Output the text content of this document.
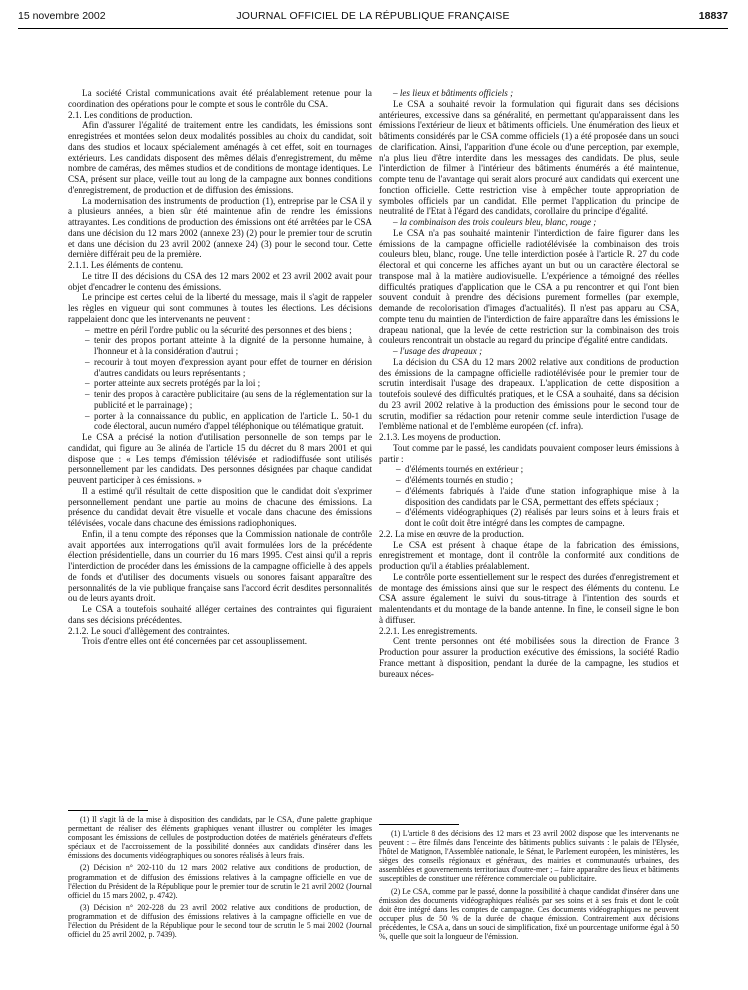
15 novembre 2002	JOURNAL OFFICIEL DE LA RÉPUBLIQUE FRANÇAISE	18837

La société Cristal communications avait été préalablement retenue pour la coordination des opérations pour le compte et sous le contrôle du CSA.

2.1. Les conditions de production.

Afin d'assurer l'égalité de traitement entre les candidats, les émissions sont enregistrées et montées selon deux modalités possibles au choix du candidat, soit dans des studios et locaux spécialement aménagés à cet effet, soit en tournages extérieurs. Les candidats disposent des mêmes délais d'enregistrement, du même nombre de caméras, des mêmes studios et de conditions de montage identiques. Le CSA, présent sur place, veille tout au long de la campagne aux bonnes conditions d'enregistrement, de production et de diffusion des émissions.

La modernisation des instruments de production (1), entreprise par le CSA il y a plusieurs années, a bien sûr été maintenue afin de rendre les émissions attrayantes. Les conditions de production des émissions ont été arrêtées par le CSA dans une décision du 12 mars 2002 (annexe 23) (2) pour le premier tour de scrutin et dans une décision du 23 avril 2002 (annexe 24) (3) pour le second tour. Cette dernière différait peu de la première.

2.1.1. Les éléments de contenu.

Le titre II des décisions du CSA des 12 mars 2002 et 23 avril 2002 avait pour objet d'encadrer le contenu des émissions.

Le principe est certes celui de la liberté du message, mais il s'agit de rappeler les règles en vigueur qui sont communes à toutes les élections. Les décisions rappelaient donc que les intervenants ne peuvent :

– mettre en péril l'ordre public ou la sécurité des personnes et des biens ;
– tenir des propos portant atteinte à la dignité de la personne humaine, à l'honneur et à la considération d'autrui ;
– recourir à tout moyen d'expression ayant pour effet de tourner en dérision d'autres candidats ou leurs représentants ;
– porter atteinte aux secrets protégés par la loi ;
– tenir des propos à caractère publicitaire (au sens de la réglementation sur la publicité et le parrainage) ;
– porter à la connaissance du public, en application de l'article L. 50-1 du code électoral, aucun numéro d'appel téléphonique ou télématique gratuit.

Le CSA a précisé la notion d'utilisation personnelle de son temps par le candidat, qui figure au 3e alinéa de l'article 15 du décret du 8 mars 2001 et qui dispose que : « Les temps d'émission télévisée et radiodiffusée sont utilisés personnellement par les candidats. Des personnes désignées par chaque candidat peuvent participer à ces émissions. »

Il a estimé qu'il résultait de cette disposition que le candidat doit s'exprimer personnellement pendant une partie au moins de chacune des émissions. La présence du candidat devait être visuelle et vocale dans chacune des émissions télévisées, vocale dans chacune des émissions radiophoniques.

Enfin, il a tenu compte des réponses que la Commission nationale de contrôle avait apportées aux interrogations qu'il avait formulées lors de la précédente élection présidentielle, dans un courrier du 16 mars 1995. C'est ainsi qu'il a repris l'interdiction de procéder dans les émissions de la campagne officielle à des appels de fonds et d'utiliser des documents visuels ou sonores faisant apparaître des personnalités de la vie publique française sans l'accord écrit desdites personnalités ou de leurs ayants droit.

Le CSA a toutefois souhaité alléger certaines des contraintes qui figuraient dans ses décisions précédentes.

2.1.2. Le souci d'allègement des contraintes.

Trois d'entre elles ont été concernées par cet assouplissement.

– les lieux et bâtiments officiels ;

Le CSA a souhaité revoir la formulation qui figurait dans ses décisions antérieures, excessive dans sa généralité, en permettant qu'apparaissent dans les émissions l'extérieur de lieux et bâtiments officiels. Une énumération des lieux et bâtiments considérés par le CSA comme officiels (1) a été proposée dans un souci de clarification. Ainsi, l'apparition d'une école ou d'une perception, par exemple, n'a plus lieu d'être interdite dans les messages des candidats. De plus, seule l'interdiction de filmer à l'intérieur des bâtiments énumérés a été maintenue, compte tenu de l'avantage qui serait alors procuré aux candidats qui exercent une fonction officielle. Cette restriction vise à empêcher toute appropriation de symboles officiels par un candidat. Elle permet l'application du principe de neutralité de l'Etat à l'égard des candidats, corollaire du principe d'égalité.

– la combinaison des trois couleurs bleu, blanc, rouge ;

Le CSA n'a pas souhaité maintenir l'interdiction de faire figurer dans les émissions de la campagne officielle radiotélévisée la combinaison des trois couleurs bleu, blanc, rouge. Une telle interdiction posée à l'article R. 27 du code électoral et qui concerne les affiches ayant un but ou un caractère électoral se transpose mal à la matière audiovisuelle. L'expérience a témoigné des réelles difficultés pratiques d'application que le CSA a pu rencontrer et qui l'ont bien souvent conduit à prendre des décisions purement formelles (par exemple, demande de recolorisation d'images d'actualités). Il n'est pas apparu au CSA, compte tenu du maintien de l'interdiction de faire apparaître dans les émissions le drapeau national, que la levée de cette restriction sur la combinaison des trois couleurs rencontrait un obstacle au regard du principe d'égalité entre candidats.

– l'usage des drapeaux ;

La décision du CSA du 12 mars 2002 relative aux conditions de production des émissions de la campagne officielle radiotélévisée pour le premier tour de scrutin interdisait l'usage des drapeaux. L'application de cette disposition a toutefois soulevé des difficultés pratiques, et le CSA a souhaité, dans sa décision du 23 avril 2002 relative à la production des émissions pour le second tour de scrutin, modifier sa rédaction pour retenir comme seule interdiction l'usage de l'emblème national et de l'emblème européen (cf. infra).

2.1.3. Les moyens de production.

Tout comme par le passé, les candidats pouvaient composer leurs émissions à partir :

– d'éléments tournés en extérieur ;
– d'éléments tournés en studio ;
– d'éléments fabriqués à l'aide d'une station infographique mise à la disposition des candidats par le CSA, permettant des effets spéciaux ;
– d'éléments vidéographiques (2) réalisés par leurs soins et à leurs frais et dont le coût doit être intégré dans les comptes de campagne.

2.2. La mise en œuvre de la production.

Le CSA est présent à chaque étape de la fabrication des émissions, enregistrement et montage, dont il contrôle la conformité aux conditions de production qu'il a établies préalablement.

Le contrôle porte essentiellement sur le respect des durées d'enregistrement et de montage des émissions ainsi que sur le respect des éléments du contenu. Le CSA assure également le suivi du sous-titrage à l'intention des sourds et malentendants et du montage de la bande antenne. In fine, le conseil signe le bon à diffuser.

2.2.1. Les enregistrements.

Cent trente personnes ont été mobilisées sous la direction de France 3 Production pour assurer la production exécutive des émissions, la société Radio France mettant à disposition, pendant la durée de la campagne, les studios et bureaux néces-

(1) Il s'agit là de la mise à disposition des candidats, par le CSA, d'une palette graphique permettant de réaliser des éléments graphiques venant illustrer ou compléter les images composant les émissions de cellules de postproduction dotées de matériels générateurs d'effets spéciaux et de l'accroissement de la possibilité données aux candidats d'insérer dans les émissions des documents vidéographiques ou sonores réalisés à leurs frais.

(2) Décision n° 202-110 du 12 mars 2002 relative aux conditions de production, de programmation et de diffusion des émissions relatives à la campagne officielle en vue de l'élection du Président de la République pour le premier tour de scrutin le 21 avril 2002 (Journal officiel du 15 mars 2002, p. 4742).

(3) Décision n° 202-228 du 23 avril 2002 relative aux conditions de production, de programmation et de diffusion des émissions relatives à la campagne officielle en vue de l'élection du Président de la République pour le second tour de scrutin le 5 mai 2002 (Journal officiel du 25 avril 2002, p. 7439).

(1) L'article 8 des décisions des 12 mars et 23 avril 2002 dispose que les intervenants ne peuvent : – être filmés dans l'enceinte des bâtiments publics suivants : le palais de l'Elysée, l'hôtel de Matignon, l'Assemblée nationale, le Sénat, le Parlement européen, les ministères, les sièges des conseils régionaux et généraux, des mairies et communautés urbaines, des assemblées et gouvernements territoriaux d'outre-mer ; – faire apparaître des lieux et bâtiments susceptibles de constituer une référence commerciale ou publicitaire.

(2) Le CSA, comme par le passé, donne la possibilité à chaque candidat d'insérer dans une émission des documents vidéographiques réalisés par ses soins et à ses frais et dont le coût doit être intégré dans les comptes de campagne. Ces documents vidéographiques ne peuvent occuper plus de 50 % de la durée de chaque émission. Contrairement aux décisions précédentes, le CSA a, dans un souci de simplification, fixé un pourcentage uniforme égal à 50 %, quelle que soit la longueur de l'émission.
